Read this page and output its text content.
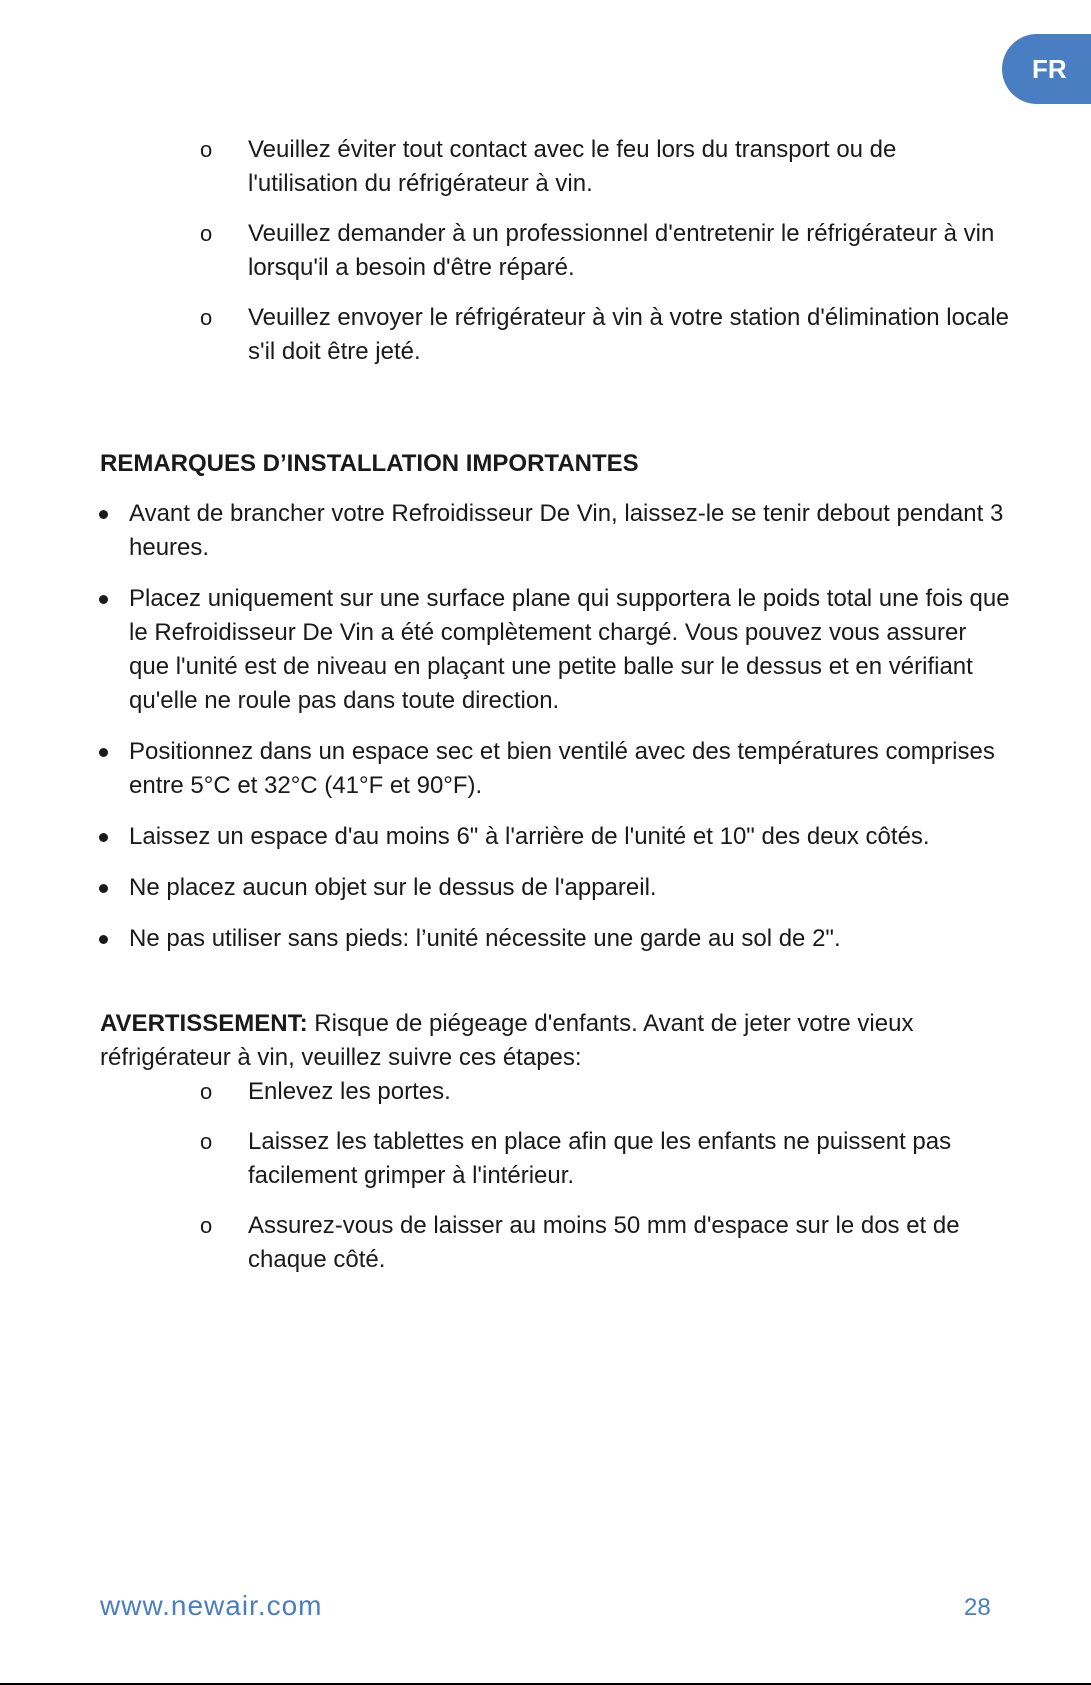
FR
o Veuillez éviter tout contact avec le feu lors du transport ou de l'utilisation du réfrigérateur à vin.
o Veuillez demander à un professionnel d'entretenir le réfrigérateur à vin lorsqu'il a besoin d'être réparé.
o Veuillez envoyer le réfrigérateur à vin à votre station d'élimination locale s'il doit être jeté.
REMARQUES D’INSTALLATION IMPORTANTES
Avant de brancher votre Refroidisseur De Vin, laissez-le se tenir debout pendant 3 heures.
Placez uniquement sur une surface plane qui supportera le poids total une fois que le Refroidisseur De Vin a été complètement chargé. Vous pouvez vous assurer que l'unité est de niveau en plaçant une petite balle sur le dessus et en vérifiant qu'elle ne roule pas dans toute direction.
Positionnez dans un espace sec et bien ventilé avec des températures comprises entre 5°C et 32°C (41°F et 90°F).
Laissez un espace d'au moins 6" à l'arrière de l'unité et 10" des deux côtés.
Ne placez aucun objet sur le dessus de l'appareil.
Ne pas utiliser sans pieds: l’unité nécessite une garde au sol de 2".
AVERTISSEMENT: Risque de piégeage d'enfants. Avant de jeter votre vieux réfrigérateur à vin, veuillez suivre ces étapes:
o Enlevez les portes.
o Laissez les tablettes en place afin que les enfants ne puissent pas facilement grimper à l'intérieur.
o Assurez-vous de laisser au moins 50 mm d'espace sur le dos et de chaque côté.
www.newair.com	28
